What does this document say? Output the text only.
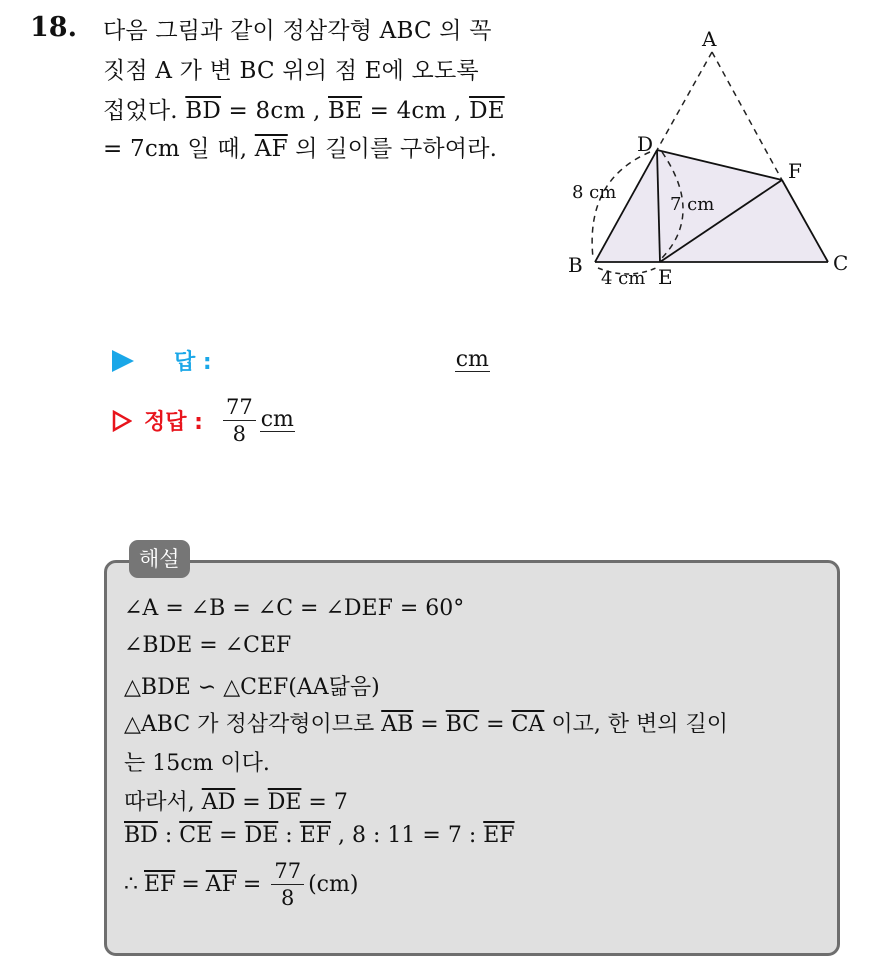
18. 다음 그림과 같이 정삼각형 ABC 의 꼭
짓점 A 가 변 BC 위의 점 E에 오도록
접었다. $\overline{BD} = 8cm$ , $\overline{BE} = 4cm$ , $\overline{DE}$
= 7cm 일 때, $\overline{AF}$ 의 길이를 구하여라.
A
B	C
D
E
F
8 cm
7 cm
4 cm
답 :	cm
정답 : $\frac{77}{8}$ cm
해설
∠A = ∠B = ∠C = ∠DEF = 60°
∠BDE = ∠CEF
△BDE ∽ △CEF(AA닮음)
△ABC 가 정삼각형이므로 $\overline{AB} = \overline{BC} = \overline{CA}$ 이고, 한 변의 길이
는 15cm 이다.
따라서, $\overline{AD} = \overline{DE} = 7$
$\overline{BD}$ : $\overline{CE} = \overline{DE}$ : $\overline{EF}$ , 8 : 11 = 7 : $\overline{EF}$
∴ $\overline{EF} = \overline{AF} = \frac{77}{8} (cm)$
